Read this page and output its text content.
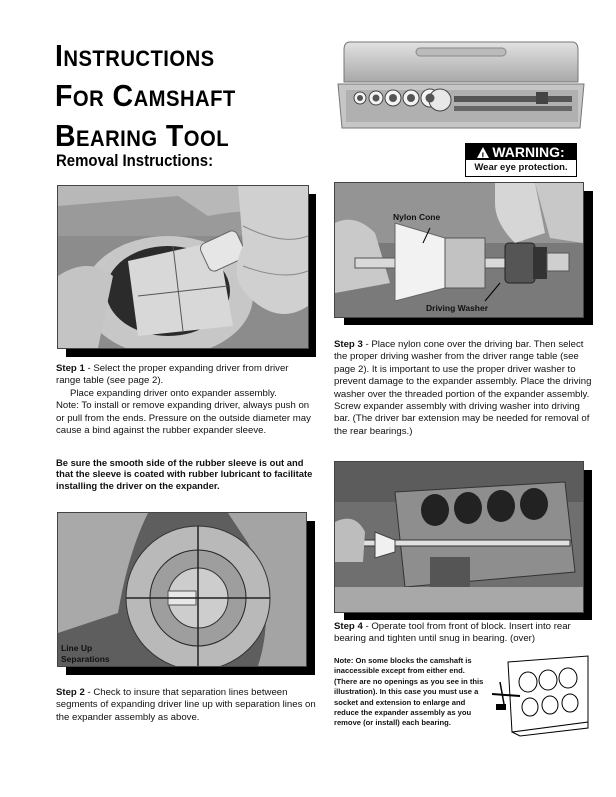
Instructions
For Camshaft
Bearing Tool
Removal Instructions:
!	WARNING:
Wear eye protection.
Step 1 - Select the proper expanding driver from driver range table (see page 2).
Place expanding driver onto expander assembly.
Note: To install or remove expanding driver, always push on or pull from the ends. Pressure on the outside diameter may cause a bind against the rubber expander sleeve.
Be sure the smooth side of the rubber sleeve is out and that the sleeve is coated with rubber lubricant to facilitate installing the driver on the expander.
Nylon Cone
Driving Washer
Step 3 - Place nylon cone over the driving bar. Then select the proper driving washer from the driver range table (see page 2). It is important to use the proper driver washer to prevent damage to the expander assembly. Place the driving washer over the threaded portion of the expander assembly. Screw expander assembly with driving washer into driving bar. (The driver bar extension may be needed for removal of the rear bearings.)
Step 4 - Operate tool from front of block. Insert into rear bearing and tighten until snug in bearing. (over)
Note: On some blocks the camshaft is inaccessible except from either end. (There are no openings as you see in this illustration). In this case you must use a socket and extension to enlarge and reduce the expander assembly as you remove (or install) each bearing.
Line Up
Separations
Step 2 - Check to insure that separation lines between segments of expanding driver line up with separation lines on the expander assembly as above.
